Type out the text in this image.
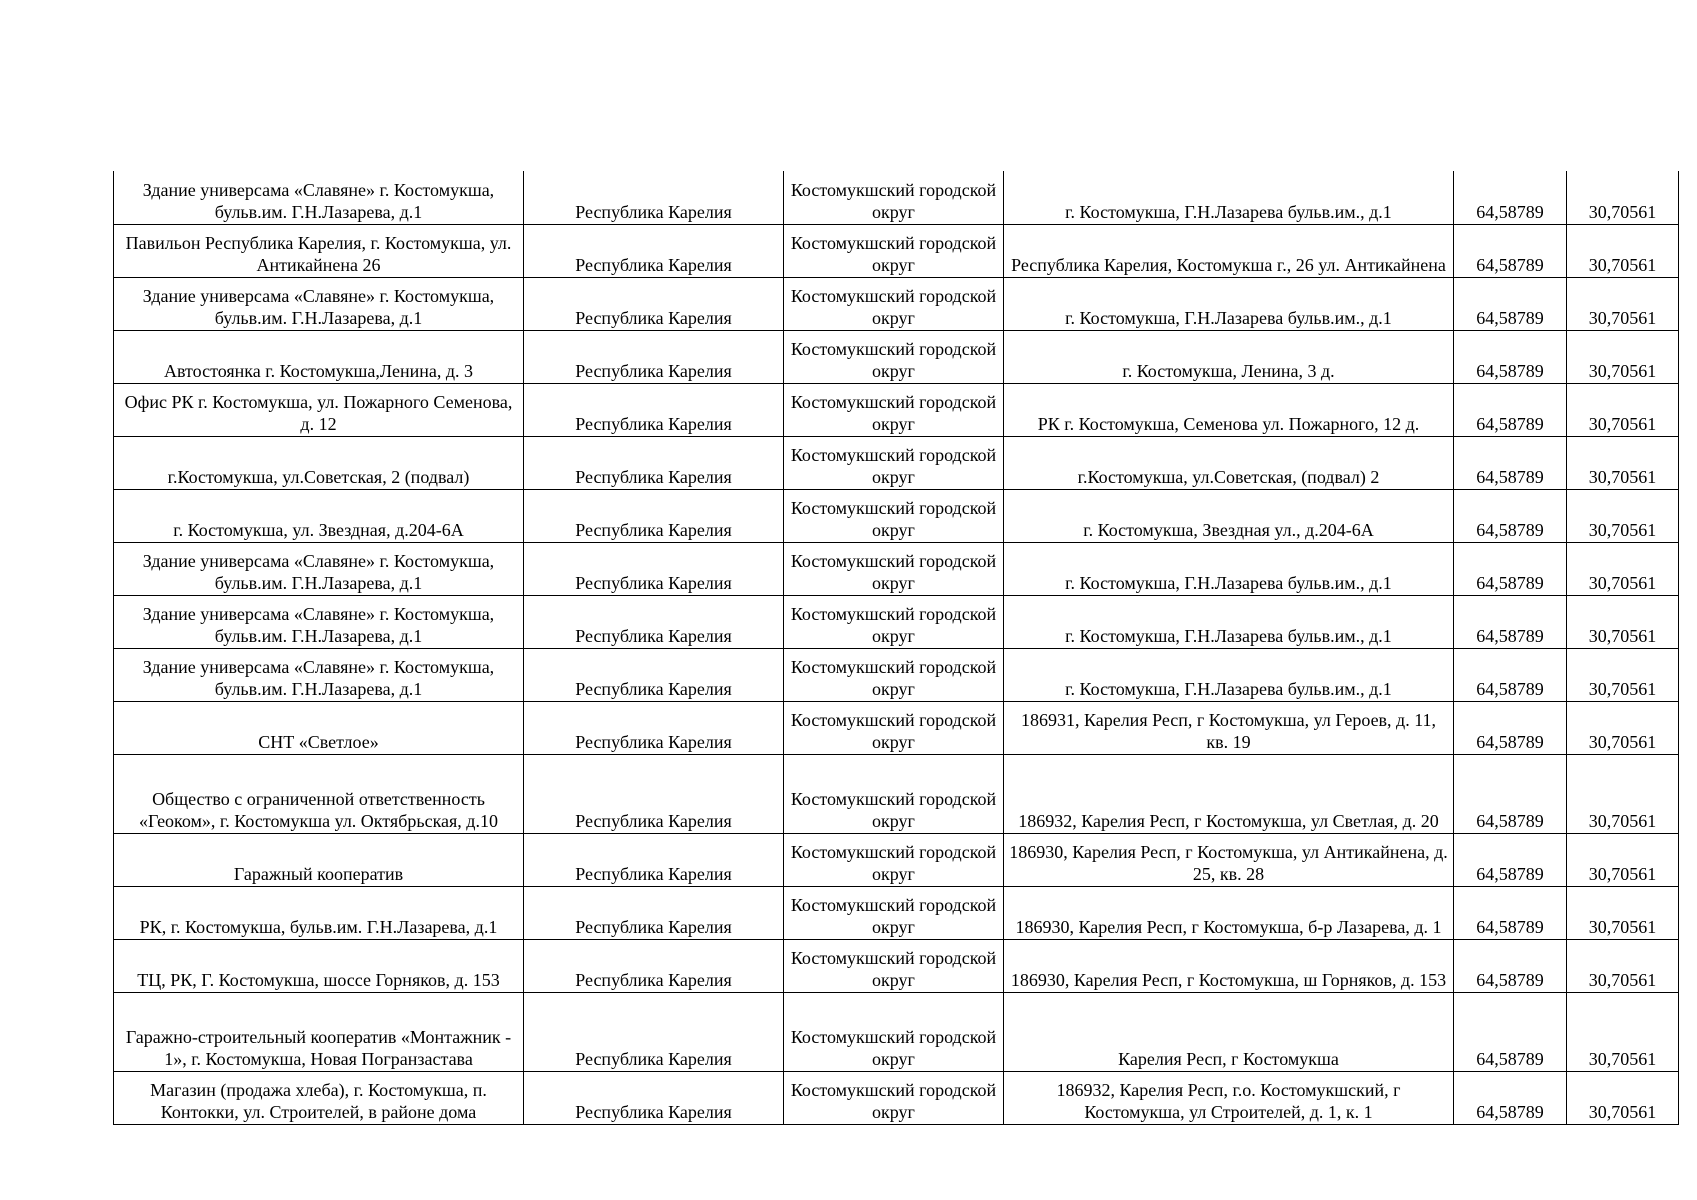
Здание универсама «Славяне» г. Костомукша, бульв.им. Г.Н.Лазарева, д.1	Республика Карелия	Костомукшский городской округ	г. Костомукша, Г.Н.Лазарева бульв.им., д.1	64,58789	30,70561
Павильон Республика Карелия, г. Костомукша, ул. Антикайнена 26	Республика Карелия	Костомукшский городской округ	Республика Карелия, Костомукша г., 26 ул. Антикайнена	64,58789	30,70561
Здание универсама «Славяне» г. Костомукша, бульв.им. Г.Н.Лазарева, д.1	Республика Карелия	Костомукшский городской округ	г. Костомукша, Г.Н.Лазарева бульв.им., д.1	64,58789	30,70561
Автостоянка г. Костомукша,Ленина, д. 3	Республика Карелия	Костомукшский городской округ	г. Костомукша, Ленина, 3 д.	64,58789	30,70561
Офис РК г. Костомукша, ул. Пожарного Семенова, д. 12	Республика Карелия	Костомукшский городской округ	РК г. Костомукша, Семенова ул. Пожарного, 12 д.	64,58789	30,70561
г.Костомукша, ул.Советская, 2 (подвал)	Республика Карелия	Костомукшский городской округ	г.Костомукша, ул.Советская, (подвал) 2	64,58789	30,70561
г. Костомукша, ул. Звездная, д.204-6А	Республика Карелия	Костомукшский городской округ	г. Костомукша, Звездная ул., д.204-6А	64,58789	30,70561
Здание универсама «Славяне» г. Костомукша, бульв.им. Г.Н.Лазарева, д.1	Республика Карелия	Костомукшский городской округ	г. Костомукша, Г.Н.Лазарева бульв.им., д.1	64,58789	30,70561
Здание универсама «Славяне» г. Костомукша, бульв.им. Г.Н.Лазарева, д.1	Республика Карелия	Костомукшский городской округ	г. Костомукша, Г.Н.Лазарева бульв.им., д.1	64,58789	30,70561
Здание универсама «Славяне» г. Костомукша, бульв.им. Г.Н.Лазарева, д.1	Республика Карелия	Костомукшский городской округ	г. Костомукша, Г.Н.Лазарева бульв.им., д.1	64,58789	30,70561
СНТ «Светлое»	Республика Карелия	Костомукшский городской округ	186931, Карелия Респ, г Костомукша, ул Героев, д. 11, кв. 19	64,58789	30,70561
Общество с ограниченной ответственность «Геоком», г. Костомукша ул. Октябрьская, д.10	Республика Карелия	Костомукшский городской округ	186932, Карелия Респ, г Костомукша, ул Светлая, д. 20	64,58789	30,70561
Гаражный кооператив	Республика Карелия	Костомукшский городской округ	186930, Карелия Респ, г Костомукша, ул Антикайнена, д. 25, кв. 28	64,58789	30,70561
РК, г. Костомукша, бульв.им. Г.Н.Лазарева, д.1	Республика Карелия	Костомукшский городской округ	186930, Карелия Респ, г Костомукша, б-р Лазарева, д. 1	64,58789	30,70561
ТЦ, РК, Г. Костомукша, шоссе Горняков, д. 153	Республика Карелия	Костомукшский городской округ	186930, Карелия Респ, г Костомукша, ш Горняков, д. 153	64,58789	30,70561
Гаражно-строительный кооператив «Монтажник - 1», г. Костомукша, Новая Погранзастава	Республика Карелия	Костомукшский городской округ	Карелия Респ, г Костомукша	64,58789	30,70561
Магазин (продажа хлеба), г. Костомукша, п. Контокки, ул. Строителей, в районе дома	Республика Карелия	Костомукшский городской округ	186932, Карелия Респ, г.о. Костомукшский, г Костомукша, ул Строителей, д. 1, к. 1	64,58789	30,70561
